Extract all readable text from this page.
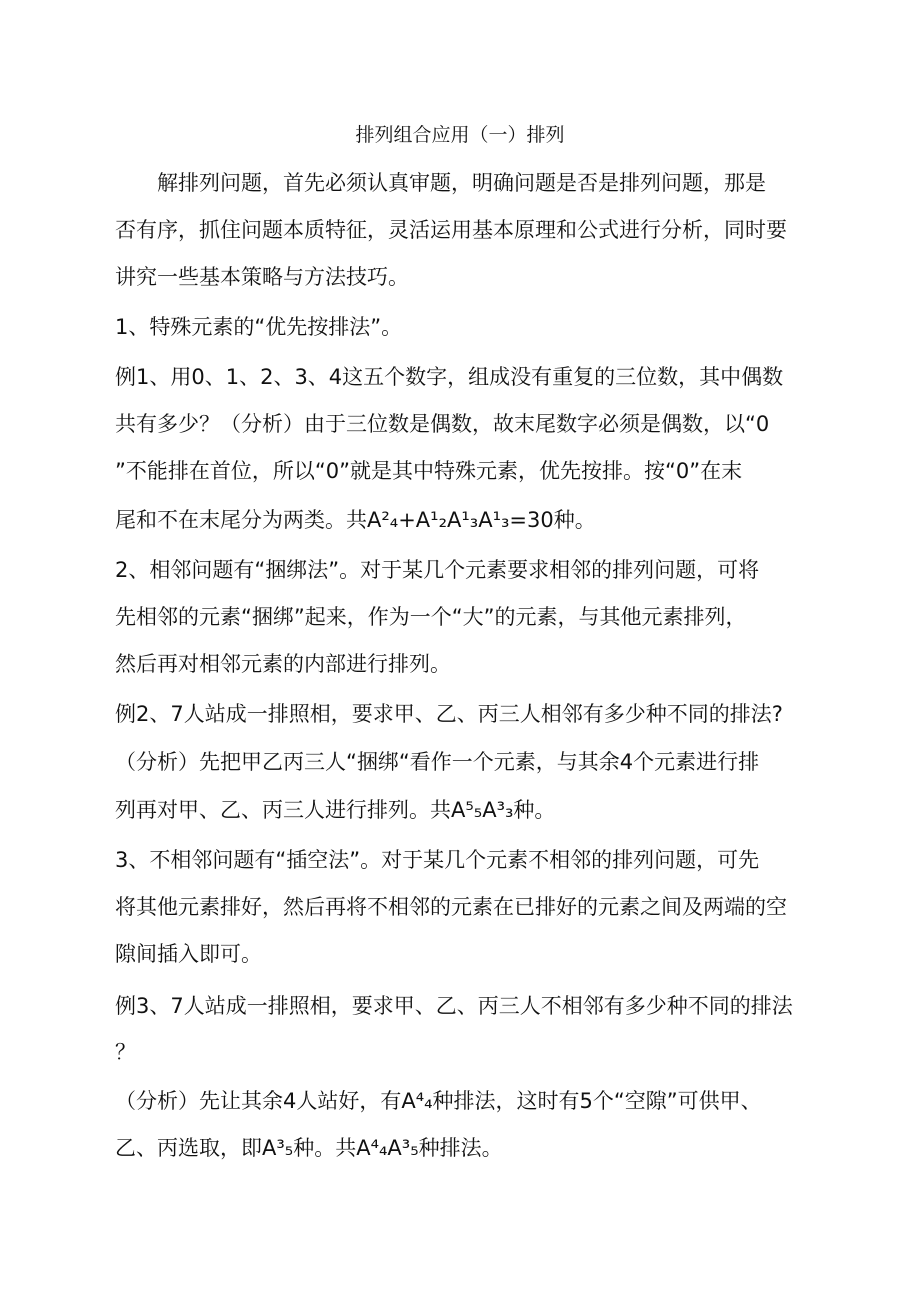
排列组合应用（一）排列
　　解排列问题，首先必须认真审题，明确问题是否是排列问题，那是
否有序，抓住问题本质特征，灵活运用基本原理和公式进行分析，同时要
讲究一些基本策略与方法技巧。
1、特殊元素的“优先按排法”。
例1、用0、1、2、3、4这五个数字，组成没有重复的三位数，其中偶数
共有多少？（分析）由于三位数是偶数，故末尾数字必须是偶数，以“0
”不能排在首位，所以“0”就是其中特殊元素，优先按排。按“0”在末
尾和不在末尾分为两类。共A²₄+A¹₂A¹₃A¹₃=30种。
2、相邻问题有“捆绑法”。对于某几个元素要求相邻的排列问题，可将
先相邻的元素“捆绑”起来，作为一个“大”的元素，与其他元素排列，
然后再对相邻元素的内部进行排列。
例2、7人站成一排照相，要求甲、乙、丙三人相邻有多少种不同的排法?
（分析）先把甲乙丙三人“捆绑“看作一个元素，与其余4个元素进行排
列再对甲、乙、丙三人进行排列。共A⁵₅A³₃种。
3、不相邻问题有“插空法”。对于某几个元素不相邻的排列问题，可先
将其他元素排好，然后再将不相邻的元素在已排好的元素之间及两端的空
隙间插入即可。
例3、7人站成一排照相，要求甲、乙、丙三人不相邻有多少种不同的排法
？
（分析）先让其余4人站好，有A⁴₄种排法，这时有5个“空隙”可供甲、
乙、丙选取，即A³₅种。共A⁴₄A³₅种排法。
